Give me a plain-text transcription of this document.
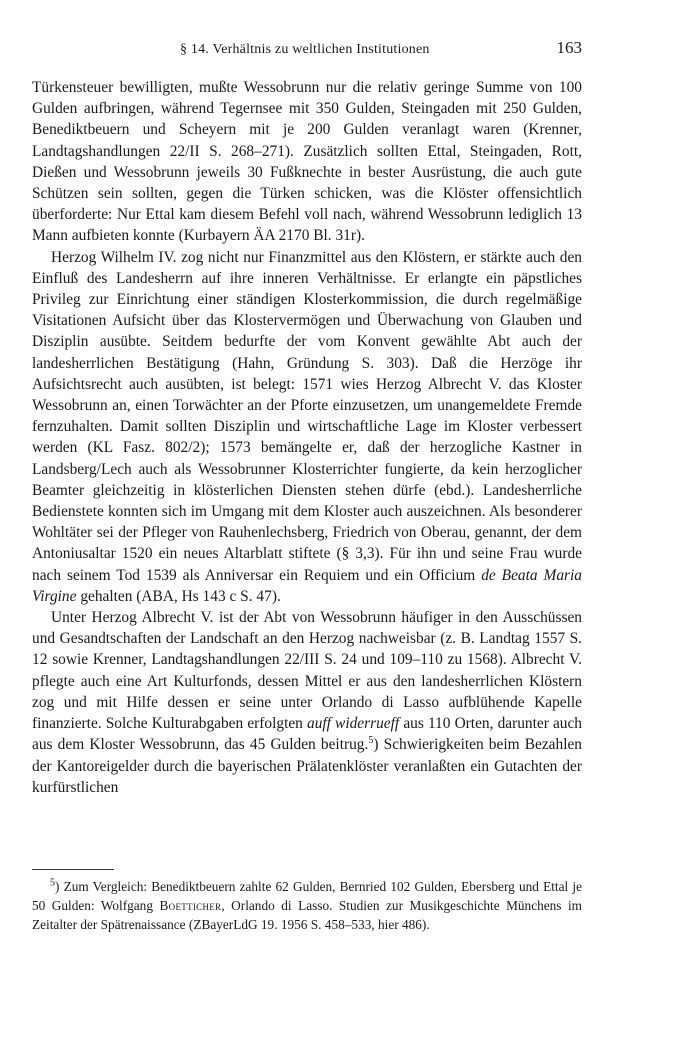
§ 14. Verhältnis zu weltlichen Institutionen	163

Türkensteuer bewilligten, mußte Wessobrunn nur die relativ geringe Summe von 100 Gulden aufbringen, während Tegernsee mit 350 Gulden, Steingaden mit 250 Gulden, Benediktbeuern und Scheyern mit je 200 Gulden veranlagt waren (Krenner, Landtagshandlungen 22/II S. 268–271). Zusätzlich sollten Ettal, Steingaden, Rott, Dießen und Wessobrunn jeweils 30 Fußknechte in bester Ausrüstung, die auch gute Schützen sein sollten, gegen die Türken schicken, was die Klöster offensichtlich überforderte: Nur Ettal kam diesem Befehl voll nach, während Wessobrunn lediglich 13 Mann aufbieten konnte (Kurbayern ÄA 2170 Bl. 31r).

Herzog Wilhelm IV. zog nicht nur Finanzmittel aus den Klöstern, er stärkte auch den Einfluß des Landesherrn auf ihre inneren Verhältnisse. Er erlangte ein päpstliches Privileg zur Einrichtung einer ständigen Klosterkommission, die durch regelmäßige Visitationen Aufsicht über das Klostervermögen und Überwachung von Glauben und Disziplin ausübte. Seitdem bedurfte der vom Konvent gewählte Abt auch der landesherrlichen Bestätigung (Hahn, Gründung S. 303). Daß die Herzöge ihr Aufsichtsrecht auch ausübten, ist belegt: 1571 wies Herzog Albrecht V. das Kloster Wessobrunn an, einen Torwächter an der Pforte einzusetzen, um unangemeldete Fremde fernzuhalten. Damit sollten Disziplin und wirtschaftliche Lage im Kloster verbessert werden (KL Fasz. 802/2); 1573 bemängelte er, daß der herzogliche Kastner in Landsberg/Lech auch als Wessobrunner Klosterrichter fungierte, da kein herzoglicher Beamter gleichzeitig in klösterlichen Diensten stehen dürfe (ebd.). Landesherrliche Bedienstete konnten sich im Umgang mit dem Kloster auch auszeichnen. Als besonderer Wohltäter sei der Pfleger von Rauhenlechsberg, Friedrich von Oberau, genannt, der dem Antoniusaltar 1520 ein neues Altarblatt stiftete (§ 3,3). Für ihn und seine Frau wurde nach seinem Tod 1539 als Anniversar ein Requiem und ein Officium de Beata Maria Virgine gehalten (ABA, Hs 143 c S. 47).

Unter Herzog Albrecht V. ist der Abt von Wessobrunn häufiger in den Ausschüssen und Gesandtschaften der Landschaft an den Herzog nachweisbar (z. B. Landtag 1557 S. 12 sowie Krenner, Landtagshandlungen 22/III S. 24 und 109–110 zu 1568). Albrecht V. pflegte auch eine Art Kulturfonds, dessen Mittel er aus den landesherrlichen Klöstern zog und mit Hilfe dessen er seine unter Orlando di Lasso aufblühende Kapelle finanzierte. Solche Kulturabgaben erfolgten auff widerrueff aus 110 Orten, darunter auch aus dem Kloster Wessobrunn, das 45 Gulden beitrug.$^5$) Schwierigkeiten beim Bezahlen der Kantoreigelder durch die bayerischen Prälatenklöster veranlaßten ein Gutachten der kurfürstlichen

$^5$) Zum Vergleich: Benediktbeuern zahlte 62 Gulden, Bernried 102 Gulden, Ebersberg und Ettal je 50 Gulden: Wolfgang Boetticher, Orlando di Lasso. Studien zur Musikgeschichte Münchens im Zeitalter der Spätrenaissance (ZBayerLdG 19. 1956 S. 458–533, hier 486).
